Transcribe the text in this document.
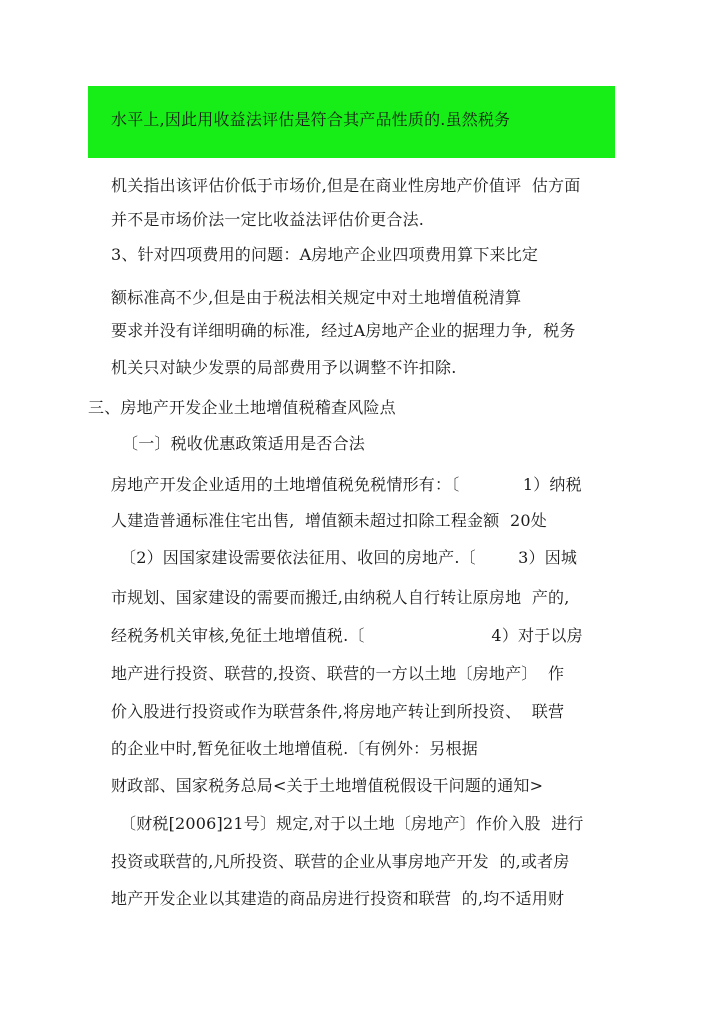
水平上,因此用收益法评估是符合其产品性质的.虽然税务
机关指出该评估价低于市场价,但是在商业性房地产价值评  估方面
并不是市场价法一定比收益法评估价更合法.
3、针对四项费用的问题：A房地产企业四项费用算下来比定
额标准高不少,但是由于税法相关规定中对土地增值税清算
要求并没有详细明确的标准,  经过A房地产企业的据理力争,  税务
机关只对缺少发票的局部费用予以调整不许扣除.
三、房地产开发企业土地增值税稽查风险点
〔一〕税收优惠政策适用是否合法
房地产开发企业适用的土地增值税免税情形有：〔            1）纳税
人建造普通标准住宅出售,  增值额未超过扣除工程金额  20处
〔2）因国家建设需要依法征用、收回的房地产.〔        3）因城
市规划、国家建设的需要而搬迁,由纳税人自行转让原房地  产的,
经税务机关审核,免征土地增值税.〔                        4）对于以房
地产进行投资、联营的,投资、联营的一方以土地〔房地产〕  作
价入股进行投资或作为联营条件,将房地产转让到所投资、  联营
的企业中时,暂免征收土地增值税.〔有例外：另根据
财政部、国家税务总局<关于土地增值税假设干问题的通知>
〔财税[2006]21号〕规定,对于以土地〔房地产〕作价入股  进行
投资或联营的,凡所投资、联营的企业从事房地产开发  的,或者房
地产开发企业以其建造的商品房进行投资和联营  的,均不适用财
